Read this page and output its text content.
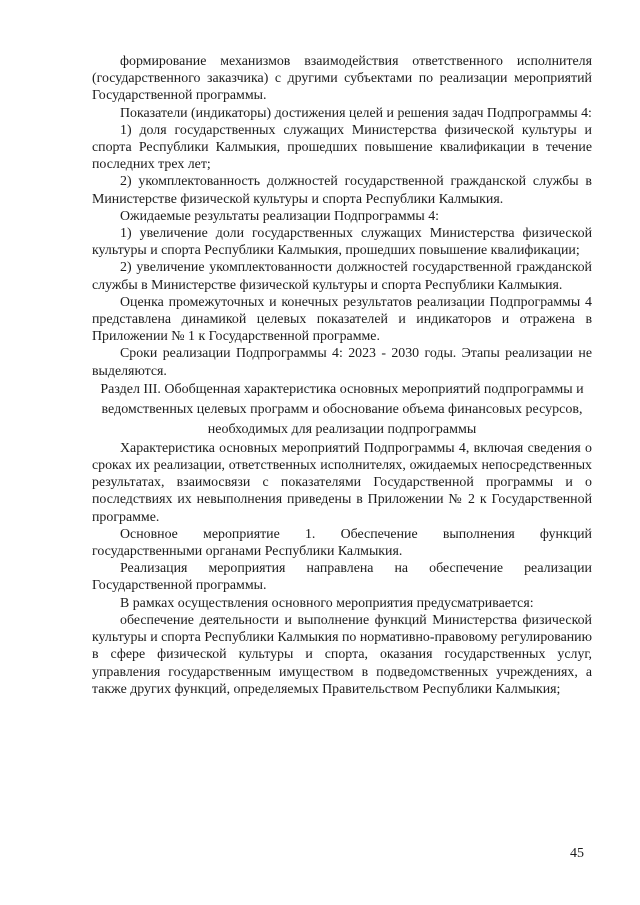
формирование механизмов взаимодействия ответственного исполнителя (государственного заказчика) с другими субъектами по реализации мероприятий Государственной программы.

Показатели (индикаторы) достижения целей и решения задач Подпрограммы 4:

1) доля государственных служащих Министерства физической культуры и спорта Республики Калмыкия, прошедших повышение квалификации в течение последних трех лет;

2) укомплектованность должностей государственной гражданской службы в Министерстве физической культуры и спорта Республики Калмыкия.

Ожидаемые результаты реализации Подпрограммы 4:

1) увеличение доли государственных служащих Министерства физической культуры и спорта Республики Калмыкия, прошедших повышение квалификации;

2) увеличение укомплектованности должностей государственной гражданской службы в Министерстве физической культуры и спорта Республики Калмыкия.

Оценка промежуточных и конечных результатов реализации Подпрограммы 4 представлена динамикой целевых показателей и индикаторов и отражена в Приложении № 1 к Государственной программе.

Сроки реализации Подпрограммы 4: 2023 - 2030 годы. Этапы реализации не выделяются.

Раздел III. Обобщенная характеристика основных мероприятий подпрограммы и ведомственных целевых программ и обоснование объема финансовых ресурсов, необходимых для реализации подпрограммы

Характеристика основных мероприятий Подпрограммы 4, включая сведения о сроках их реализации, ответственных исполнителях, ожидаемых непосредственных результатах, взаимосвязи с показателями Государственной программы и о последствиях их невыполнения приведены в Приложении № 2 к Государственной программе.

Основное мероприятие 1. Обеспечение выполнения функций государственными органами Республики Калмыкия.

Реализация мероприятия направлена на обеспечение реализации Государственной программы.

В рамках осуществления основного мероприятия предусматривается:

обеспечение деятельности и выполнение функций Министерства физической культуры и спорта Республики Калмыкия по нормативно-правовому регулированию в сфере физической культуры и спорта, оказания государственных услуг, управления государственным имуществом в подведомственных учреждениях, а также других функций, определяемых Правительством Республики Калмыкия;

45
